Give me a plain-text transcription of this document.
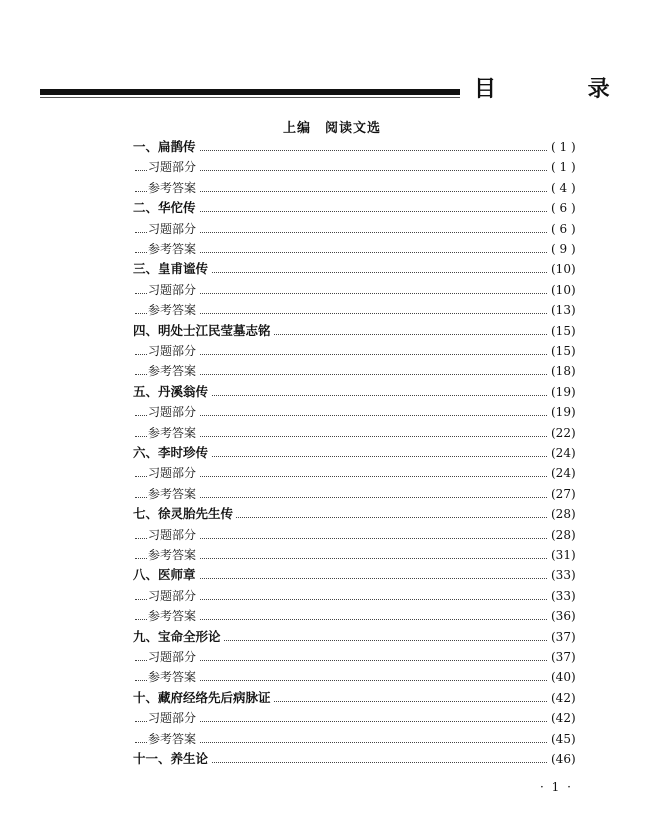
目 录
上编　阅读文选
一、扁鹊传	( 1 )
习题部分	( 1 )
参考答案	( 4 )
二、华佗传	( 6 )
习题部分	( 6 )
参考答案	( 9 )
三、皇甫谧传	(10)
习题部分	(10)
参考答案	(13)
四、明处士江民莹墓志铭	(15)
习题部分	(15)
参考答案	(18)
五、丹溪翁传	(19)
习题部分	(19)
参考答案	(22)
六、李时珍传	(24)
习题部分	(24)
参考答案	(27)
七、徐灵胎先生传	(28)
习题部分	(28)
参考答案	(31)
八、医师章	(33)
习题部分	(33)
参考答案	(36)
九、宝命全形论	(37)
习题部分	(37)
参考答案	(40)
十、藏府经络先后病脉证	(42)
习题部分	(42)
参考答案	(45)
十一、养生论	(46)
· 1 ·
